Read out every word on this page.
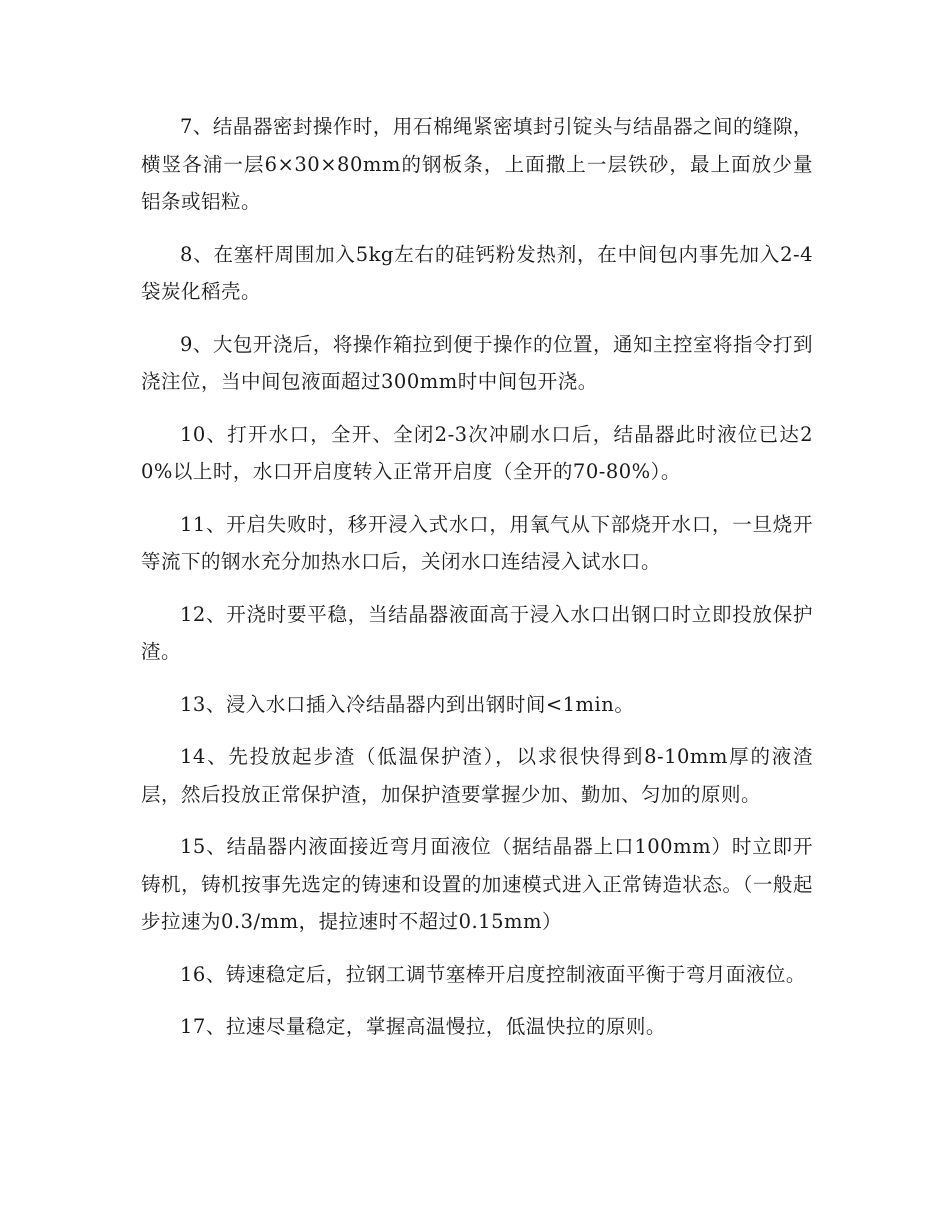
7、结晶器密封操作时，用石棉绳紧密填封引锭头与结晶器之间的缝隙，横竖各浦一层6×30×80mm的钢板条，上面撒上一层铁砂，最上面放少量铝条或铝粒。

8、在塞杆周围加入5kg左右的硅钙粉发热剂，在中间包内事先加入2-4袋炭化稻壳。

9、大包开浇后，将操作箱拉到便于操作的位置，通知主控室将指令打到浇注位，当中间包液面超过300mm时中间包开浇。

10、打开水口，全开、全闭2-3次冲刷水口后，结晶器此时液位已达20%以上时，水口开启度转入正常开启度（全开的70-80%）。

11、开启失败时，移开浸入式水口，用氧气从下部烧开水口，一旦烧开等流下的钢水充分加热水口后，关闭水口连结浸入试水口。

12、开浇时要平稳，当结晶器液面高于浸入水口出钢口时立即投放保护渣。

13、浸入水口插入冷结晶器内到出钢时间<1min。

14、先投放起步渣（低温保护渣），以求很快得到8-10mm厚的液渣层，然后投放正常保护渣，加保护渣要掌握少加、勤加、匀加的原则。

15、结晶器内液面接近弯月面液位（据结晶器上口100mm）时立即开铸机，铸机按事先选定的铸速和设置的加速模式进入正常铸造状态。（一般起步拉速为0.3/mm，提拉速时不超过0.15mm）

16、铸速稳定后，拉钢工调节塞棒开启度控制液面平衡于弯月面液位。

17、拉速尽量稳定，掌握高温慢拉，低温快拉的原则。
